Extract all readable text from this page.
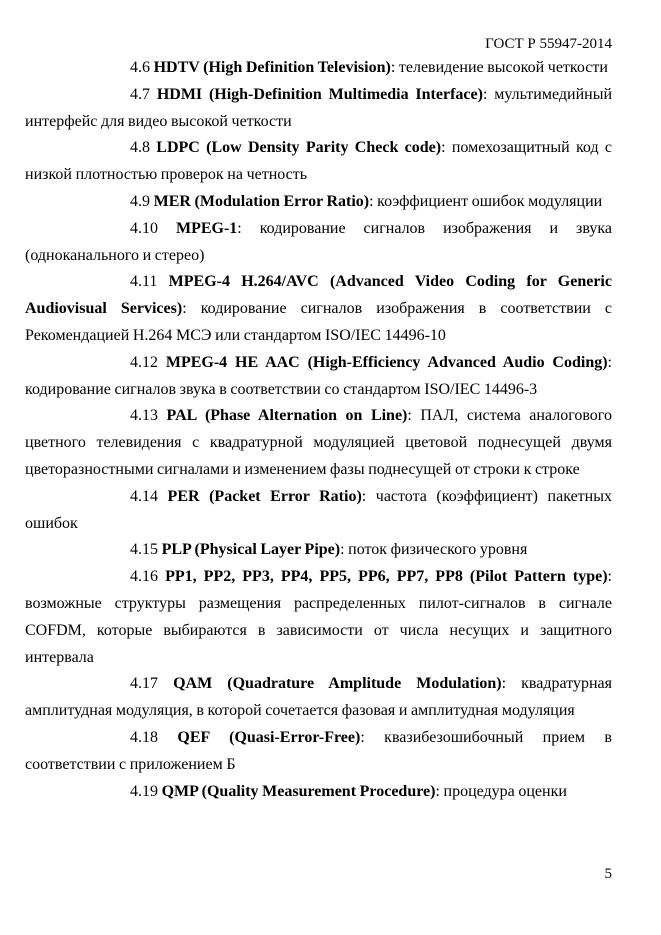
ГОСТ Р 55947-2014

4.6 HDTV (High Definition Television): телевидение высокой четкости

4.7 HDMI (High-Definition Multimedia Interface): мультимедийный интерфейс для видео высокой четкости

4.8 LDPC (Low Density Parity Check code): помехозащитный код с низкой плотностью проверок на четность

4.9 MER (Modulation Error Ratio): коэффициент ошибок модуляции

4.10 MPEG-1: кодирование сигналов изображения и звука (одноканального и стерео)

4.11 MPEG-4 H.264/AVC (Advanced Video Coding for Generic Audiovisual Services): кодирование сигналов изображения в соответствии с Рекомендацией H.264 МСЭ или стандартом ISO/IEC 14496-10

4.12 MPEG-4 HE AAC (High-Efficiency Advanced Audio Coding): кодирование сигналов звука в соответствии со стандартом ISO/IEC 14496-3

4.13 PAL (Phase Alternation on Line): ПАЛ, система аналогового цветного телевидения с квадратурной модуляцией цветовой поднесущей двумя цветоразностными сигналами и изменением фазы поднесущей от строки к строке

4.14 PER (Packet Error Ratio): частота (коэффициент) пакетных ошибок

4.15 PLP (Physical Layer Pipe): поток физического уровня

4.16 PP1, PP2, PP3, PP4, PP5, PP6, PP7, PP8 (Pilot Pattern type): возможные структуры размещения распределенных пилот-сигналов в сигнале COFDM, которые выбираются в зависимости от числа несущих и защитного интервала

4.17 QAM (Quadrature Amplitude Modulation): квадратурная амплитудная модуляция, в которой сочетается фазовая и амплитудная модуляция

4.18 QEF (Quasi-Error-Free): квазибезошибочный прием в соответствии с приложением Б

4.19 QMP (Quality Measurement Procedure): процедура оценки

5
